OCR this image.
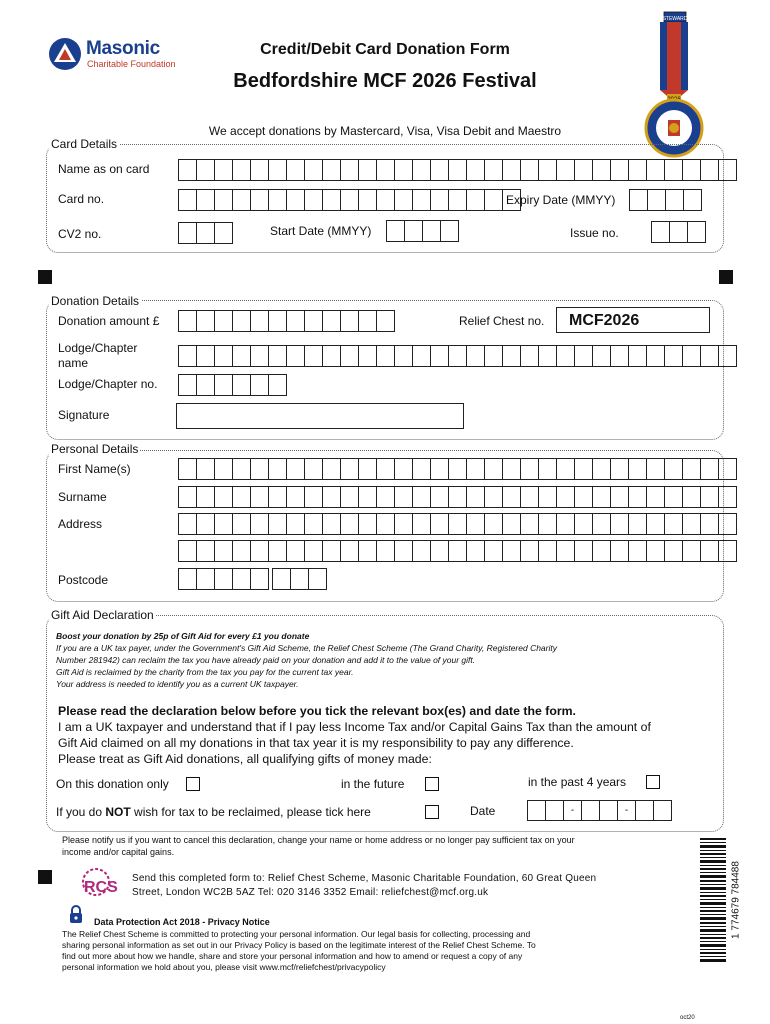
Masonic
Charitable Foundation
Credit/Debit Card Donation Form
Bedfordshire MCF 2026 Festival
We accept donations by Mastercard, Visa, Visa Debit and Maestro
STEWARD
Card Details
Name as on card
Card no.	Expiry Date (MMYY)
CV2 no.	Start Date (MMYY)	Issue no.
Donation Details
Donation amount £	Relief Chest no.	MCF2026
Lodge/Chapter
name
Lodge/Chapter no.
Signature
Personal Details
First Name(s)
Surname
Address
Postcode
Gift Aid Declaration
Boost your donation by 25p of Gift Aid for every £1 you donate
If you are a UK tax payer, under the Government's Gift Aid Scheme, the Relief Chest Scheme (The Grand Charity, Registered Charity
Number 281942) can reclaim the tax you have already paid on your donation and add it to the value of your gift.
Gift Aid is reclaimed by the charity from the tax you pay for the current tax year.
Your address is needed to identify you as a current UK taxpayer.
Please read the declaration below before you tick the relevant box(es) and date the form.
I am a UK taxpayer and understand that if I pay less Income Tax and/or Capital Gains Tax than the amount of
Gift Aid claimed on all my donations in that tax year it is my responsibility to pay any difference.
Please treat as Gift Aid donations, all qualifying gifts of money made:
On this donation only	in the future	in the past 4 years
If you do NOT wish for tax to be reclaimed, please tick here	Date	-	-
Please notify us if you want to cancel this declaration, change your name or home address or no longer pay sufficient tax on your
income and/or capital gains.
RCS
Send this completed form to: Relief Chest Scheme, Masonic Charitable Foundation, 60 Great Queen
Street, London WC2B 5AZ Tel: 020 3146 3352 Email: reliefchest@mcf.org.uk
Data Protection Act 2018 - Privacy Notice
The Relief Chest Scheme is committed to protecting your personal information. Our legal basis for collecting, processing and
sharing personal information as set out in our Privacy Policy is based on the legitimate interest of the Relief Chest Scheme. To
find out more about how we handle, share and store your personal information and how to amend or request a copy of any
personal information we hold about you, please visit www.mcf/reliefchest/privacypolicy
1 774679 784488
oct20
